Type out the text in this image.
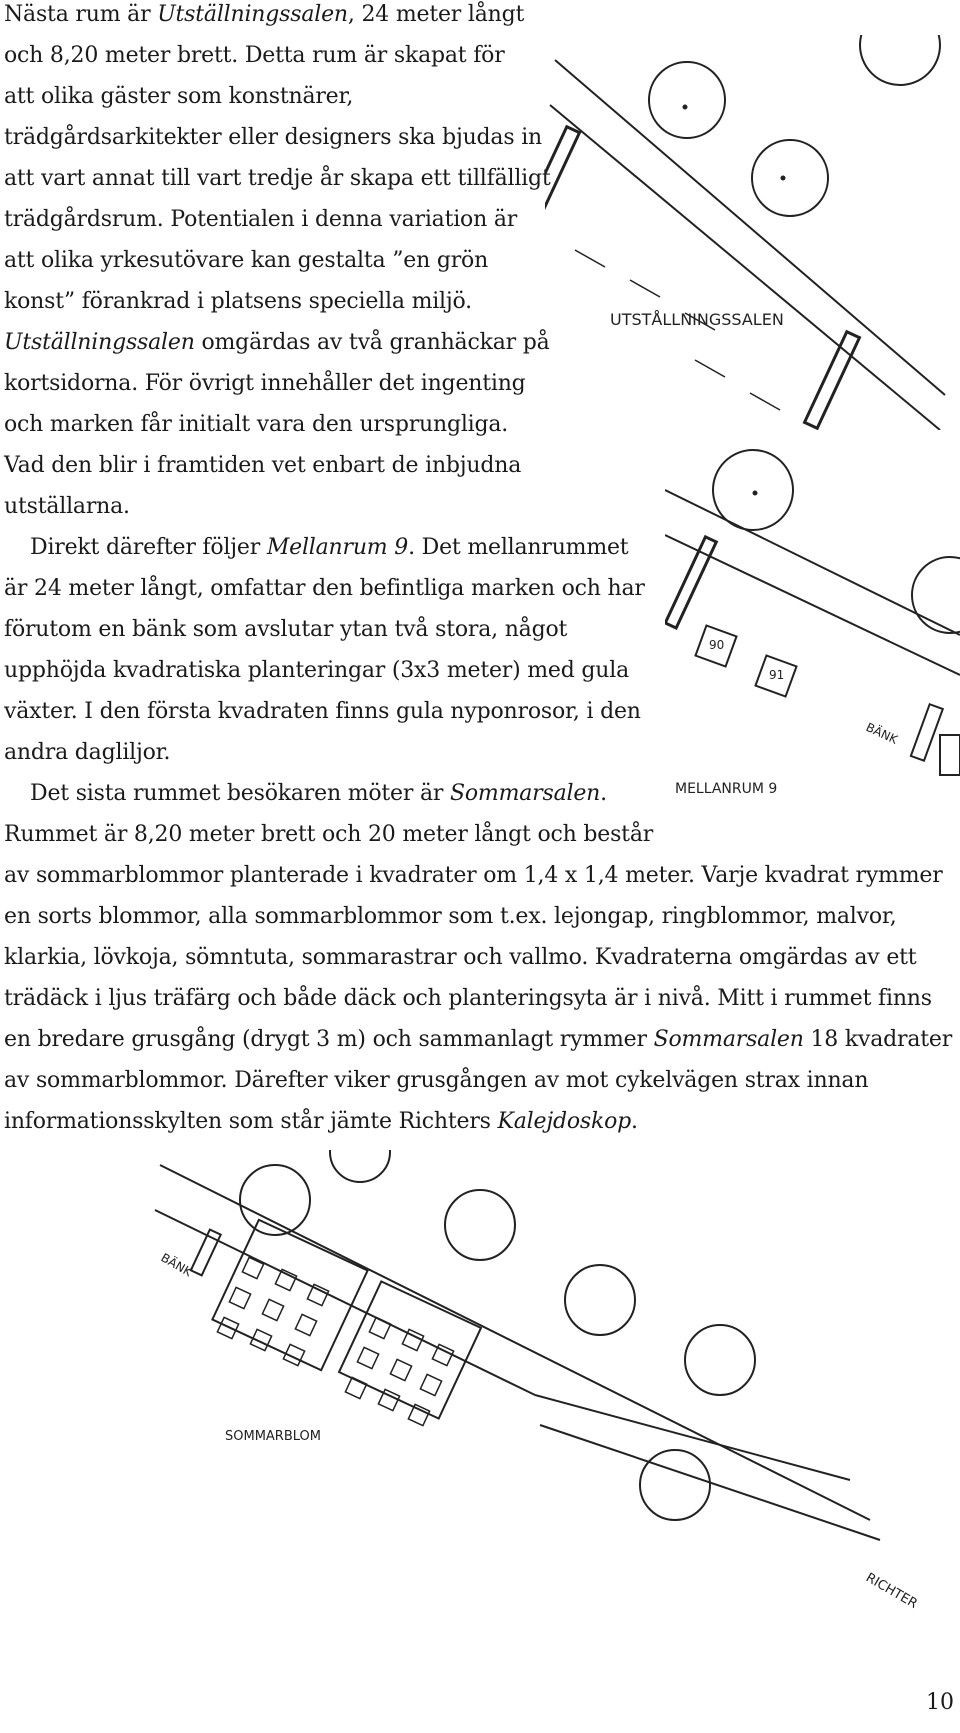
Nästa rum är Utställningssalen, 24 meter långt
och 8,20 meter brett. Detta rum är skapat för
att olika gäster som konstnärer,
trädgårdsarkitekter eller designers ska bjudas in
att vart annat till vart tredje år skapa ett tillfälligt
trädgårdsrum. Potentialen i denna variation är
att olika yrkesutövare kan gestalta ”en grön
konst” förankrad i platsens speciella miljö.
Utställningssalen omgärdas av två granhäckar på
kortsidorna. För övrigt innehåller det ingenting
och marken får initialt vara den ursprungliga.
Vad den blir i framtiden vet enbart de inbjudna
utställarna.

Direkt därefter följer Mellanrum 9. Det mellanrummet
är 24 meter långt, omfattar den befintliga marken och har
förutom en bänk som avslutar ytan två stora, något
upphöjda kvadratiska planteringar (3x3 meter) med gula
växter. I den första kvadraten finns gula nyponrosor, i den
andra dagliljor.

Det sista rummet besökaren möter är Sommarsalen.
Rummet är 8,20 meter brett och 20 meter långt och består
av sommarblommor planterade i kvadrater om 1,4 x 1,4 meter. Varje kvadrat rymmer
en sorts blommor, alla sommarblommor som t.ex. lejongap, ringblommor, malvor,
klarkia, lövkoja, sömntuta, sommarastrar och vallmo. Kvadraterna omgärdas av ett
trädäck i ljus träfärg och både däck och planteringsyta är i nivå. Mitt i rummet finns
en bredare grusgång (drygt 3 m) och sammanlagt rymmer Sommarsalen 18 kvadrater
av sommarblommor. Därefter viker grusgången av mot cykelvägen strax innan
informationsskylten som står jämte Richters Kalejdoskop.

UTSTÅLLNINGSSALEN
90
91
BÄNK
MELLANRUM 9
BÄNK
SOMMARBLOM
RICHTER
10
